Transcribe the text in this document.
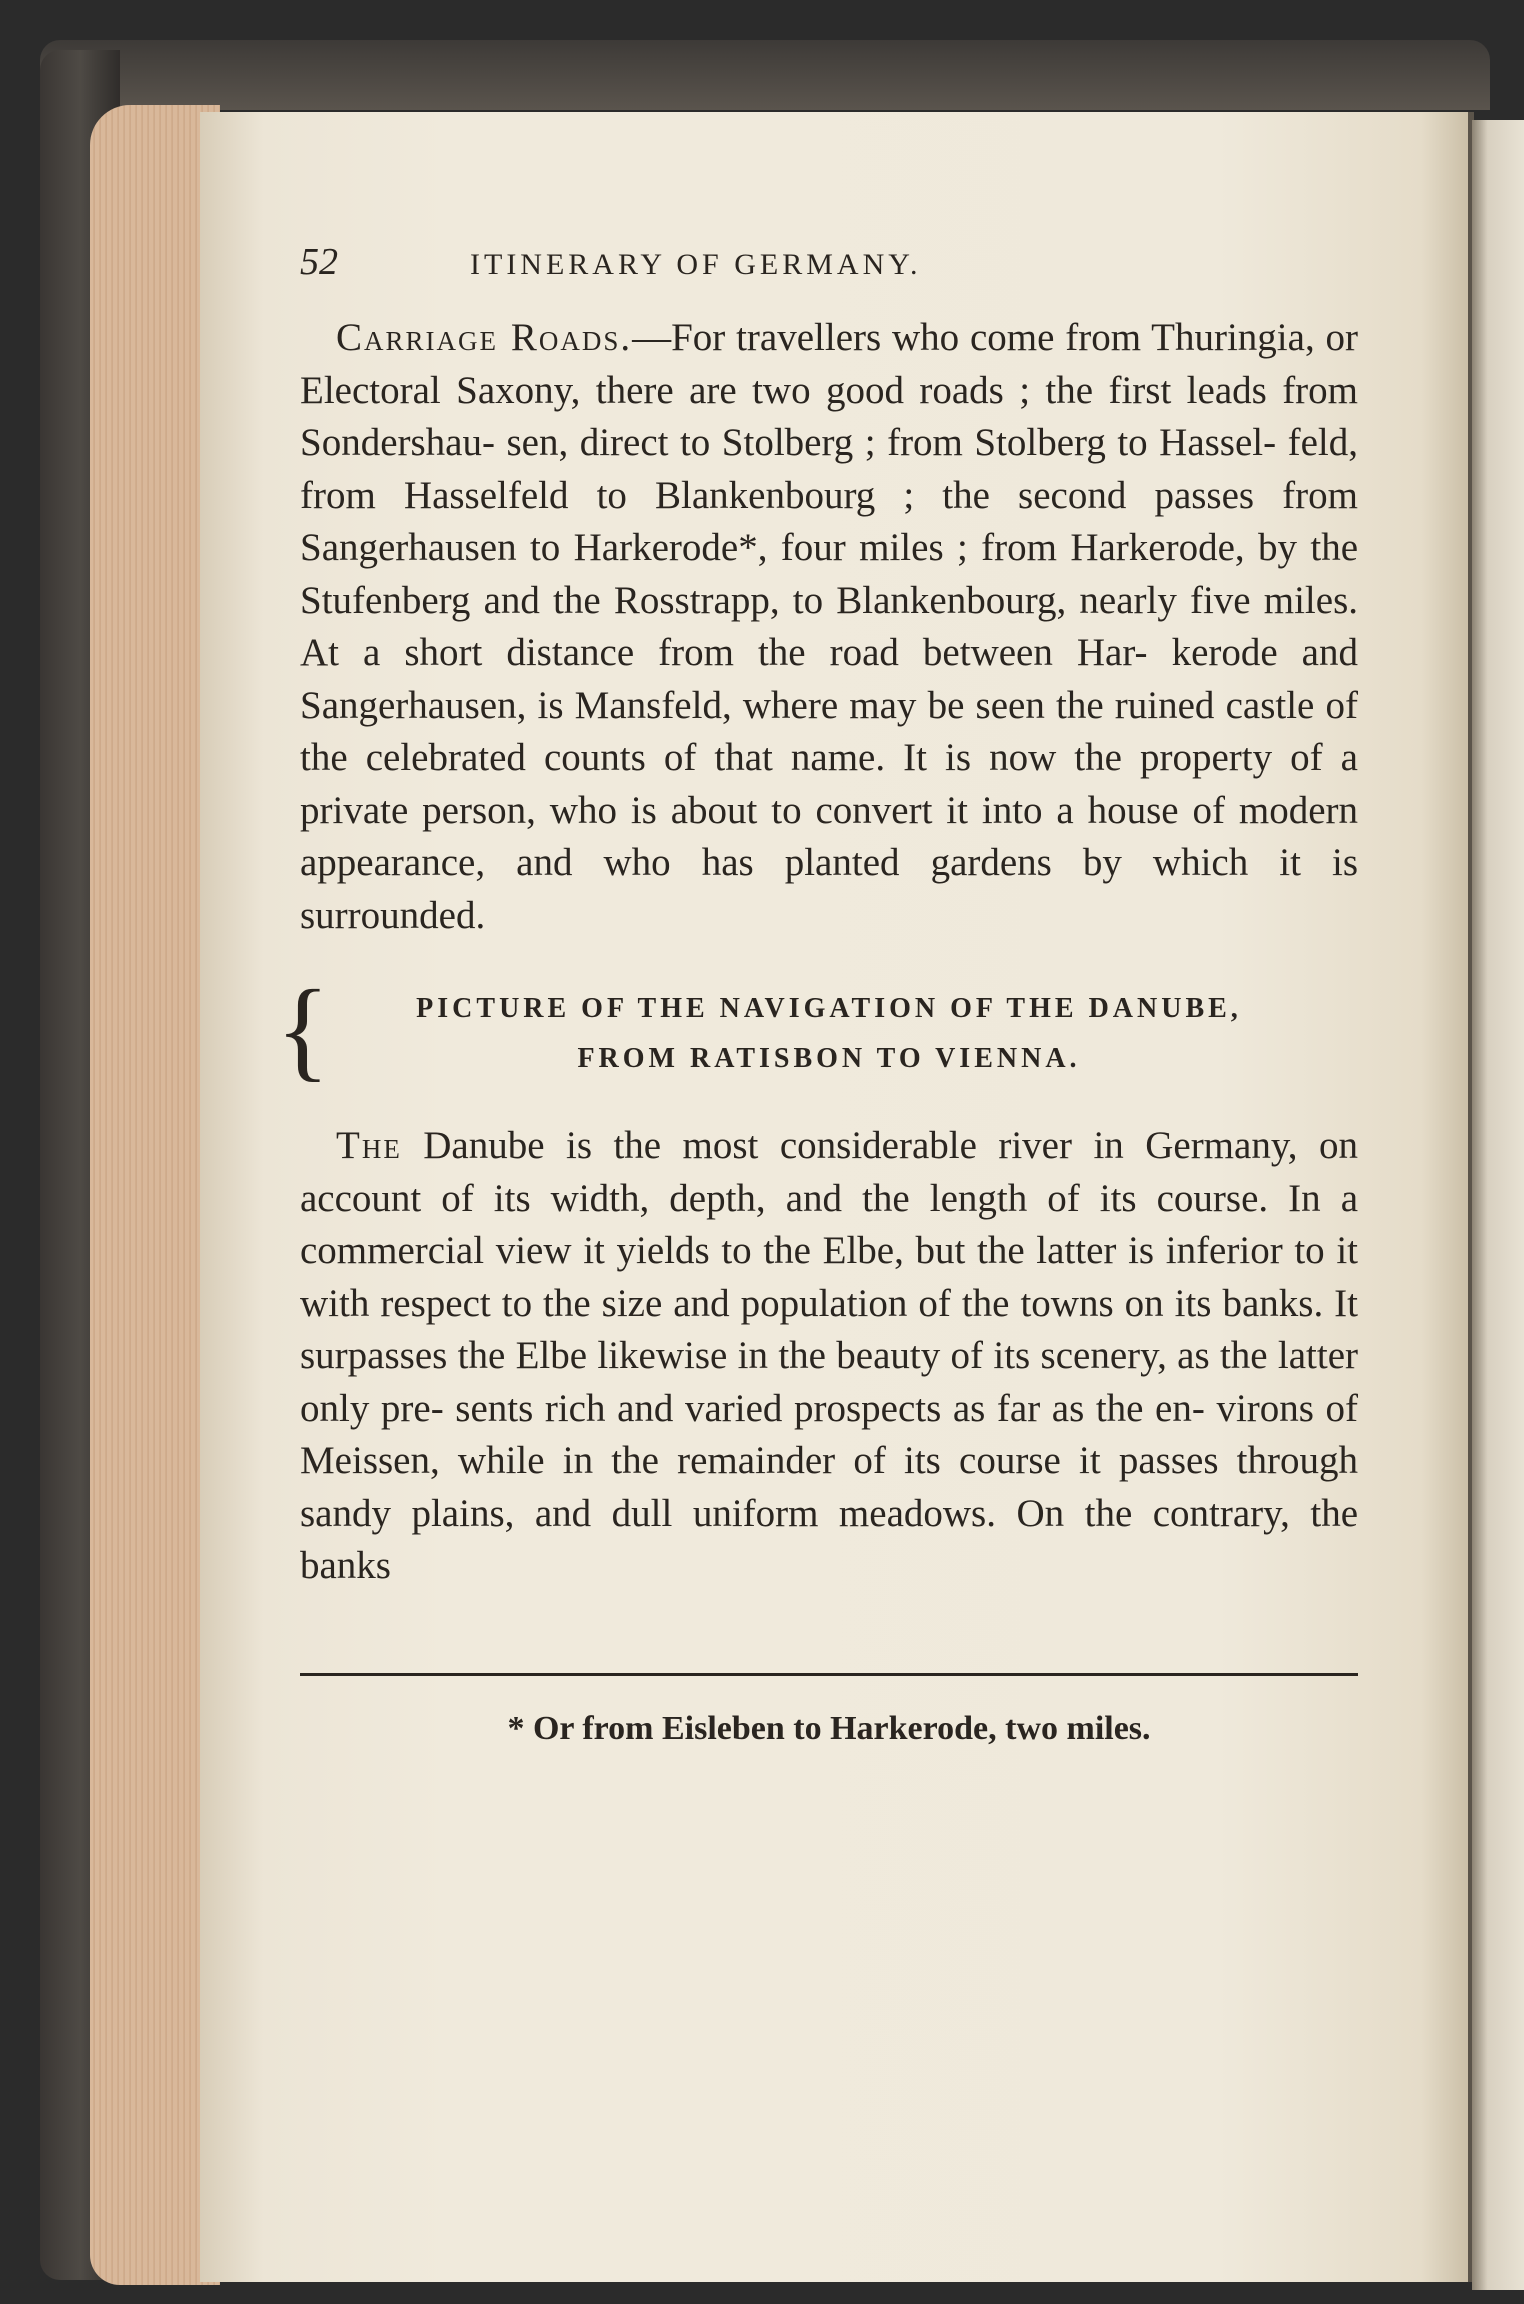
52	ITINERARY OF GERMANY.

Carriage Roads.—For travellers who come from Thuringia, or Electoral Saxony, there are two good roads ; the first leads from Sondershau- sen, direct to Stolberg ; from Stolberg to Hassel- feld, from Hasselfeld to Blankenbourg ; the second passes from Sangerhausen to Harkerode*, four miles ; from Harkerode, by the Stufenberg and the Rosstrapp, to Blankenbourg, nearly five miles. At a short distance from the road between Har- kerode and Sangerhausen, is Mansfeld, where may be seen the ruined castle of the celebrated counts of that name. It is now the property of a private person, who is about to convert it into a house of modern appearance, and who has planted gardens by which it is surrounded.

{	PICTURE OF THE NAVIGATION OF THE DANUBE,
FROM RATISBON TO VIENNA.

The Danube is the most considerable river in Germany, on account of its width, depth, and the length of its course. In a commercial view it yields to the Elbe, but the latter is inferior to it with respect to the size and population of the towns on its banks. It surpasses the Elbe likewise in the beauty of its scenery, as the latter only pre- sents rich and varied prospects as far as the en- virons of Meissen, while in the remainder of its course it passes through sandy plains, and dull uniform meadows. On the contrary, the banks

* Or from Eisleben to Harkerode, two miles.
